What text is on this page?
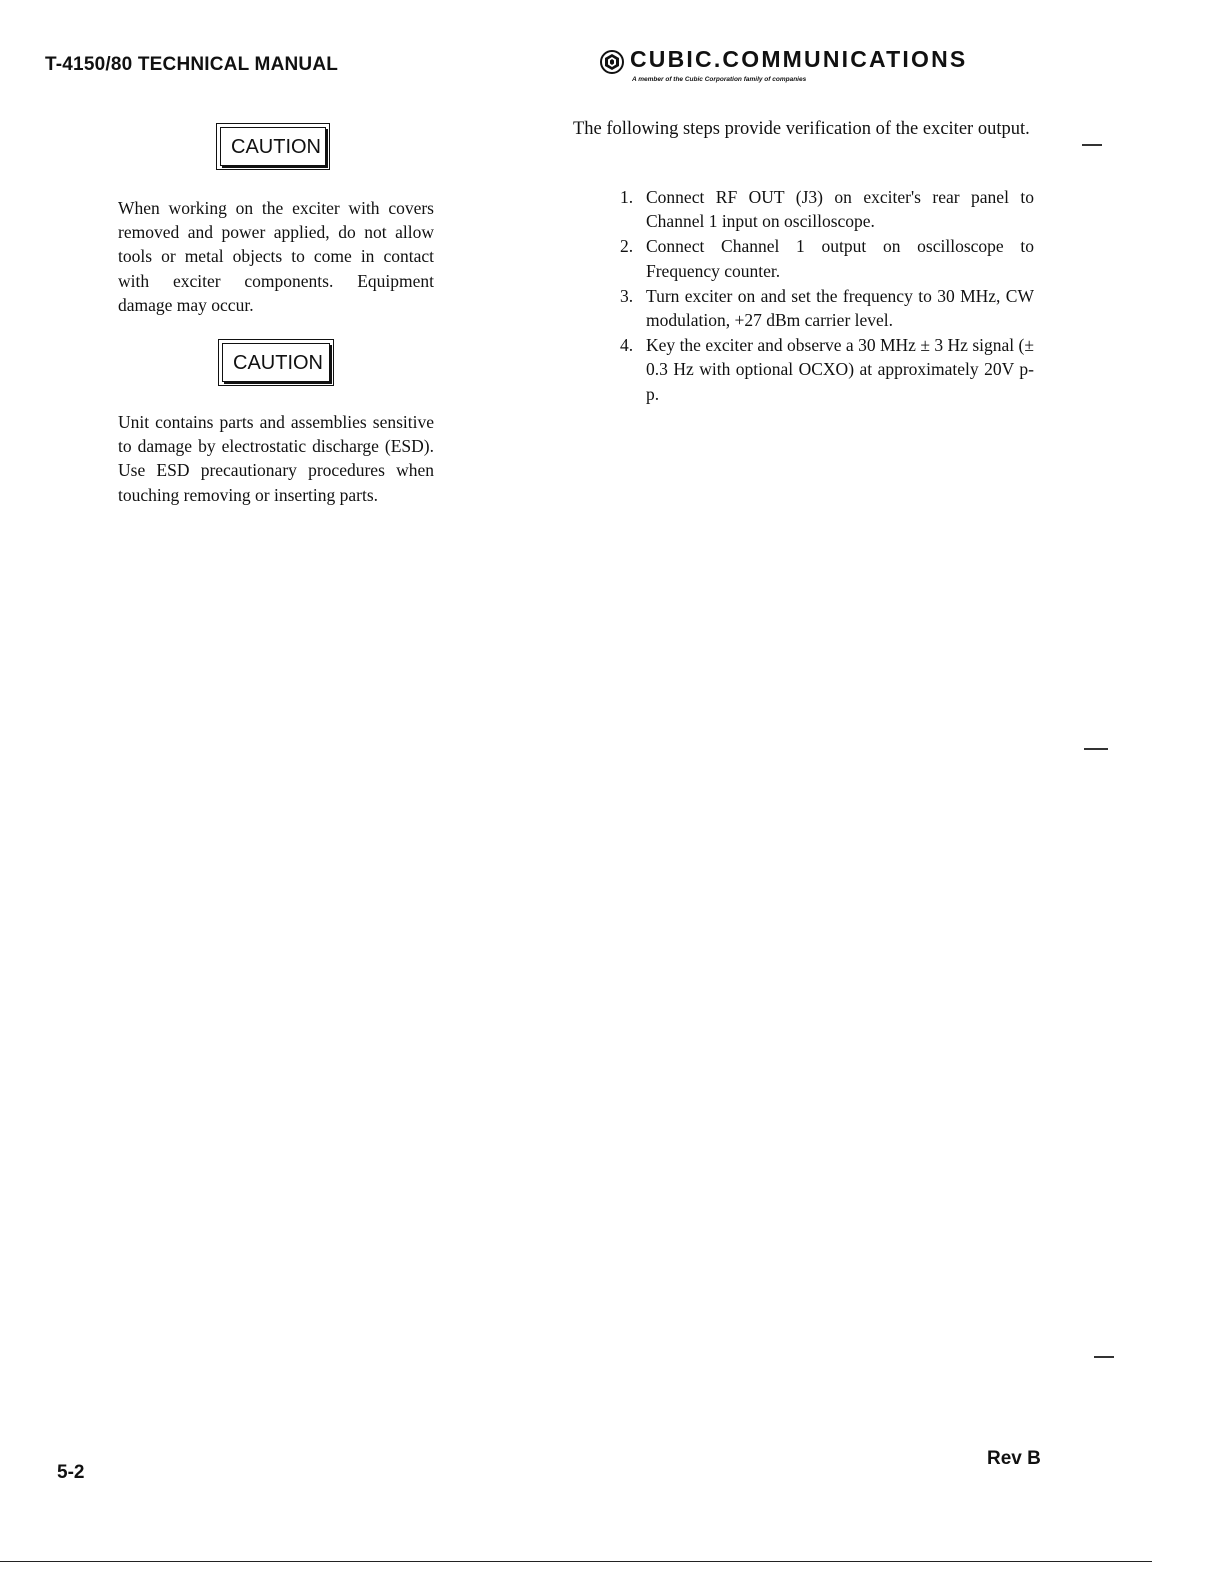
T-4150/80 TECHNICAL MANUAL	CUBIC.COMMUNICATIONS
A member of the Cubic Corporation family of companies
CAUTION
When working on the exciter with covers removed and power applied, do not allow tools or metal objects to come in contact with exciter components. Equipment damage may occur.
CAUTION
Unit contains parts and assemblies sensitive to damage by electrostatic discharge (ESD). Use ESD precautionary procedures when touching removing or inserting parts.
The following steps provide verification of the exciter output.
1. Connect RF OUT (J3) on exciter's rear panel to Channel 1 input on oscilloscope.
2. Connect Channel 1 output on oscilloscope to Frequency counter.
3. Turn exciter on and set the frequency to 30 MHz, CW modulation, +27 dBm carrier level.
4. Key the exciter and observe a 30 MHz ± 3 Hz signal (± 0.3 Hz with optional OCXO) at approximately 20V p-p.
5-2
Rev B
